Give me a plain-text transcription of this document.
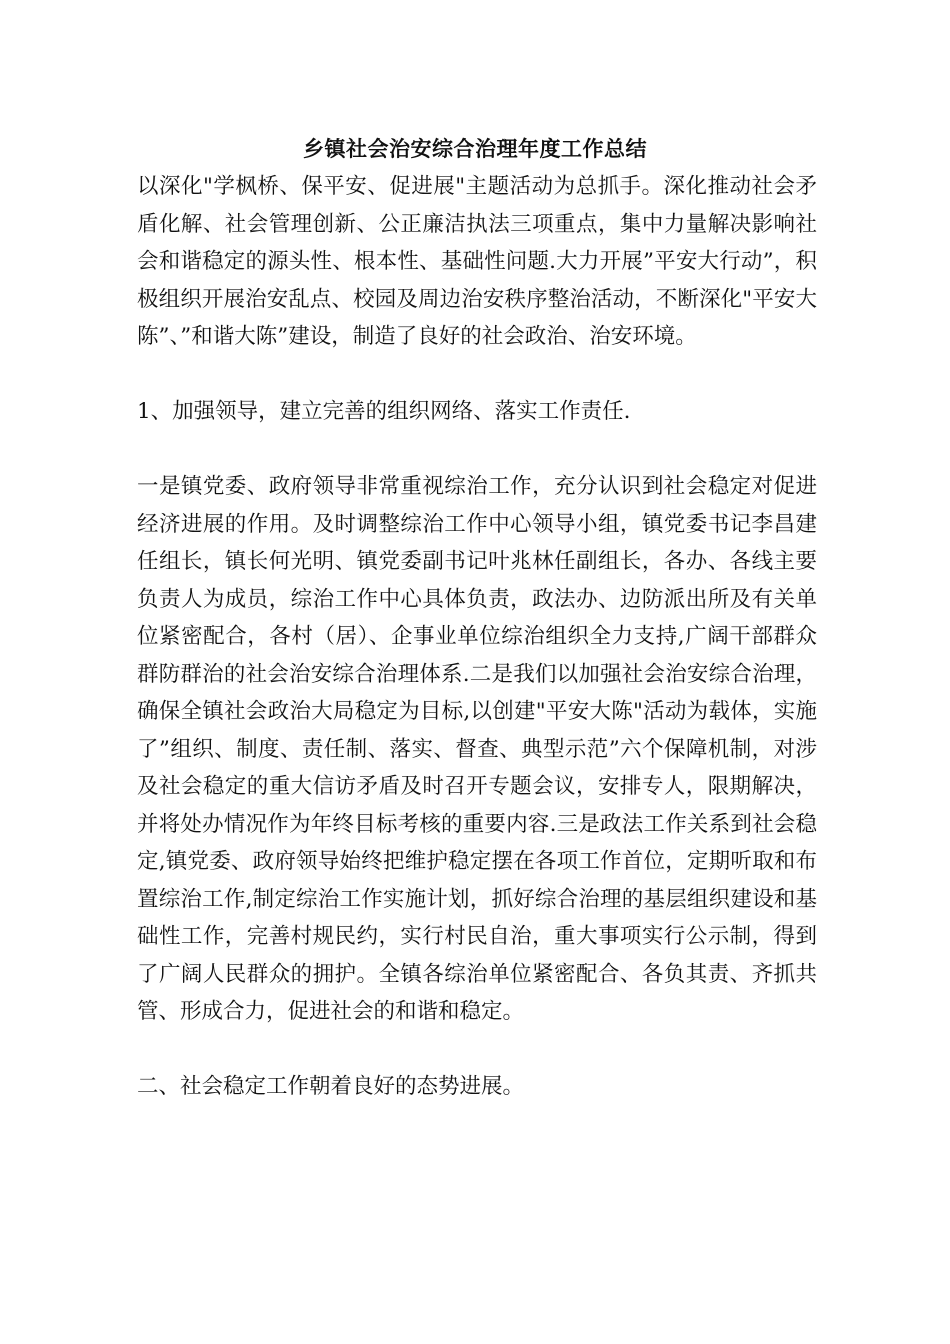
乡镇社会治安综合治理年度工作总结

以深化"学枫桥、保平安、促进展"主题活动为总抓手。深化推动社会矛盾化解、社会管理创新、公正廉洁执法三项重点，集中力量解决影响社会和谐稳定的源头性、根本性、基础性问题.大力开展”平安大行动”，积极组织开展治安乱点、校园及周边治安秩序整治活动，不断深化"平安大陈”、”和谐大陈”建设，制造了良好的社会政治、治安环境。

1、加强领导，建立完善的组织网络、落实工作责任.

一是镇党委、政府领导非常重视综治工作，充分认识到社会稳定对促进经济进展的作用。及时调整综治工作中心领导小组，镇党委书记李昌建任组长，镇长何光明、镇党委副书记叶兆林任副组长，各办、各线主要负责人为成员，综治工作中心具体负责，政法办、边防派出所及有关单位紧密配合，各村（居）、企事业单位综治组织全力支持,广阔干部群众群防群治的社会治安综合治理体系.二是我们以加强社会治安综合治理，确保全镇社会政治大局稳定为目标,以创建"平安大陈"活动为载体，实施了”组织、制度、责任制、落实、督查、典型示范”六个保障机制，对涉及社会稳定的重大信访矛盾及时召开专题会议，安排专人，限期解决，并将处办情况作为年终目标考核的重要内容.三是政法工作关系到社会稳定,镇党委、政府领导始终把维护稳定摆在各项工作首位，定期听取和布置综治工作,制定综治工作实施计划，抓好综合治理的基层组织建设和基础性工作，完善村规民约，实行村民自治，重大事项实行公示制，得到了广阔人民群众的拥护。全镇各综治单位紧密配合、各负其责、齐抓共管、形成合力，促进社会的和谐和稳定。

二、社会稳定工作朝着良好的态势进展。
